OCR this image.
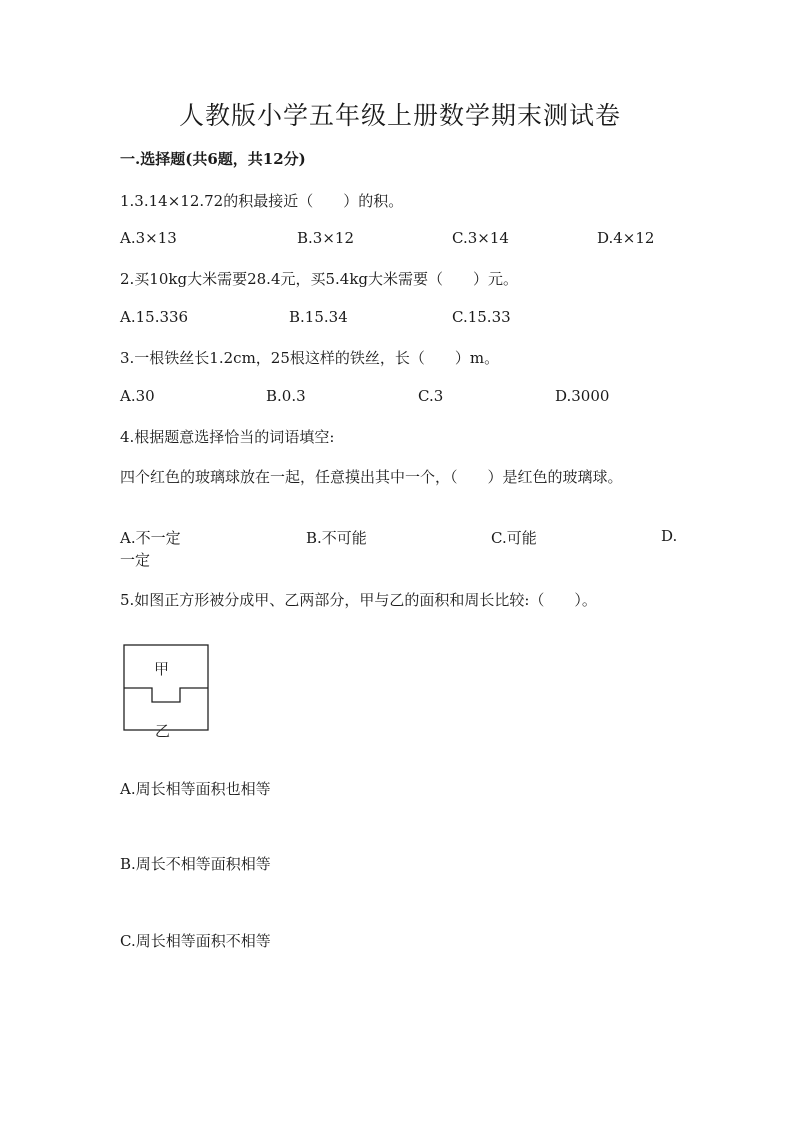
人教版小学五年级上册数学期末测试卷
一.选择题(共6题，共12分)
1.3.14×12.72的积最接近（　　）的积。
A.3×13	B.3×12	C.3×14	D.4×12
2.买10kg大米需要28.4元，买5.4kg大米需要（　　）元。
A.15.336	B.15.34	C.15.33
3.一根铁丝长1.2cm，25根这样的铁丝，长（　　）m。
A.30	B.0.3	C.3	D.3000
4.根据题意选择恰当的词语填空:
四个红色的玻璃球放在一起，任意摸出其中一个，（　　）是红色的玻璃球。
A.不一定	B.不可能	C.可能	D.
一定
5.如图正方形被分成甲、乙两部分，甲与乙的面积和周长比较:（　　）。
甲
乙
A.周长相等面积也相等
B.周长不相等面积相等
C.周长相等面积不相等
